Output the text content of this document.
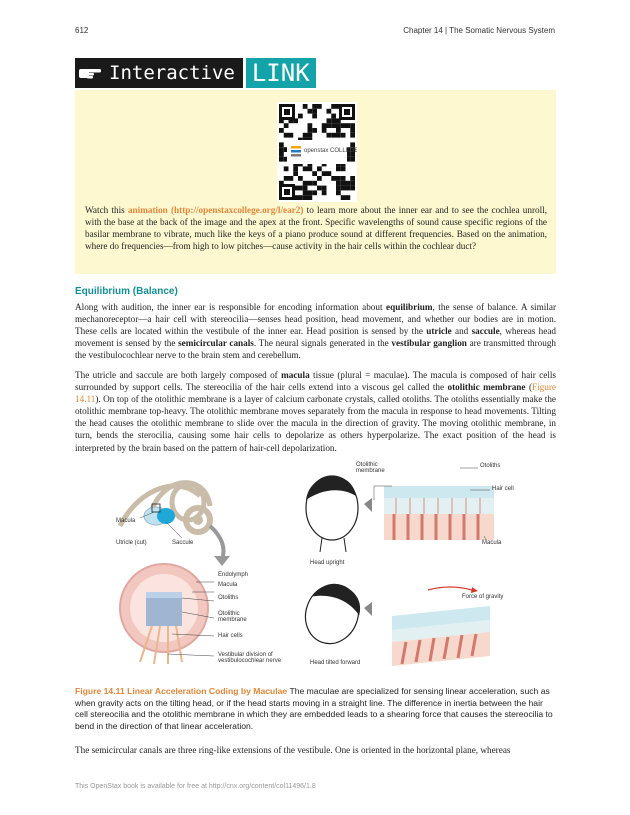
612	Chapter 14 | The Somatic Nervous System
Interactive LINK
openstax COLLEGE

Watch this animation (http://openstaxcollege.org/l/ear2) to learn more about the inner ear and to see the cochlea unroll, with the base at the back of the image and the apex at the front. Specific wavelengths of sound cause specific regions of the basilar membrane to vibrate, much like the keys of a piano produce sound at different frequencies. Based on the animation, where do frequencies—from high to low pitches—cause activity in the hair cells within the cochlear duct?

Equilibrium (Balance)

Along with audition, the inner ear is responsible for encoding information about equilibrium, the sense of balance. A similar mechanoreceptor—a hair cell with stereocilia—senses head position, head movement, and whether our bodies are in motion. These cells are located within the vestibule of the inner ear. Head position is sensed by the utricle and saccule, whereas head movement is sensed by the semicircular canals. The neural signals generated in the vestibular ganglion are transmitted through the vestibulocochlear nerve to the brain stem and cerebellum.

The utricle and saccule are both largely composed of macula tissue (plural = maculae). The macula is composed of hair cells surrounded by support cells. The stereocilia of the hair cells extend into a viscous gel called the otolithic membrane (Figure 14.11). On top of the otolithic membrane is a layer of calcium carbonate crystals, called otoliths. The otoliths essentially make the otolithic membrane top-heavy. The otolithic membrane moves separately from the macula in response to head movements. Tilting the head causes the otolithic membrane to slide over the macula in the direction of gravity. The moving otolithic membrane, in turn, bends the sterocilia, causing some hair cells to depolarize as others hyperpolarize. The exact position of the head is interpreted by the brain based on the pattern of hair-cell depolarization.

Macula
Utricle (cut)	Saccule
Endolymph
Macula
Otoliths
Otolithic membrane
Hair cells
Vestibular division of vestibulocochlear nerve
Otolithic membrane
Otoliths
Hair cell
Macula
Head upright
Force of gravity
Head tilted forward

Figure 14.11 Linear Acceleration Coding by Maculae The maculae are specialized for sensing linear acceleration, such as when gravity acts on the tilting head, or if the head starts moving in a straight line. The difference in inertia between the hair cell stereocilia and the otolithic membrane in which they are embedded leads to a shearing force that causes the stereocilia to bend in the direction of that linear acceleration.

The semicircular canals are three ring-like extensions of the vestibule. One is oriented in the horizontal plane, whereas

This OpenStax book is available for free at http://cnx.org/content/col11496/1.8
